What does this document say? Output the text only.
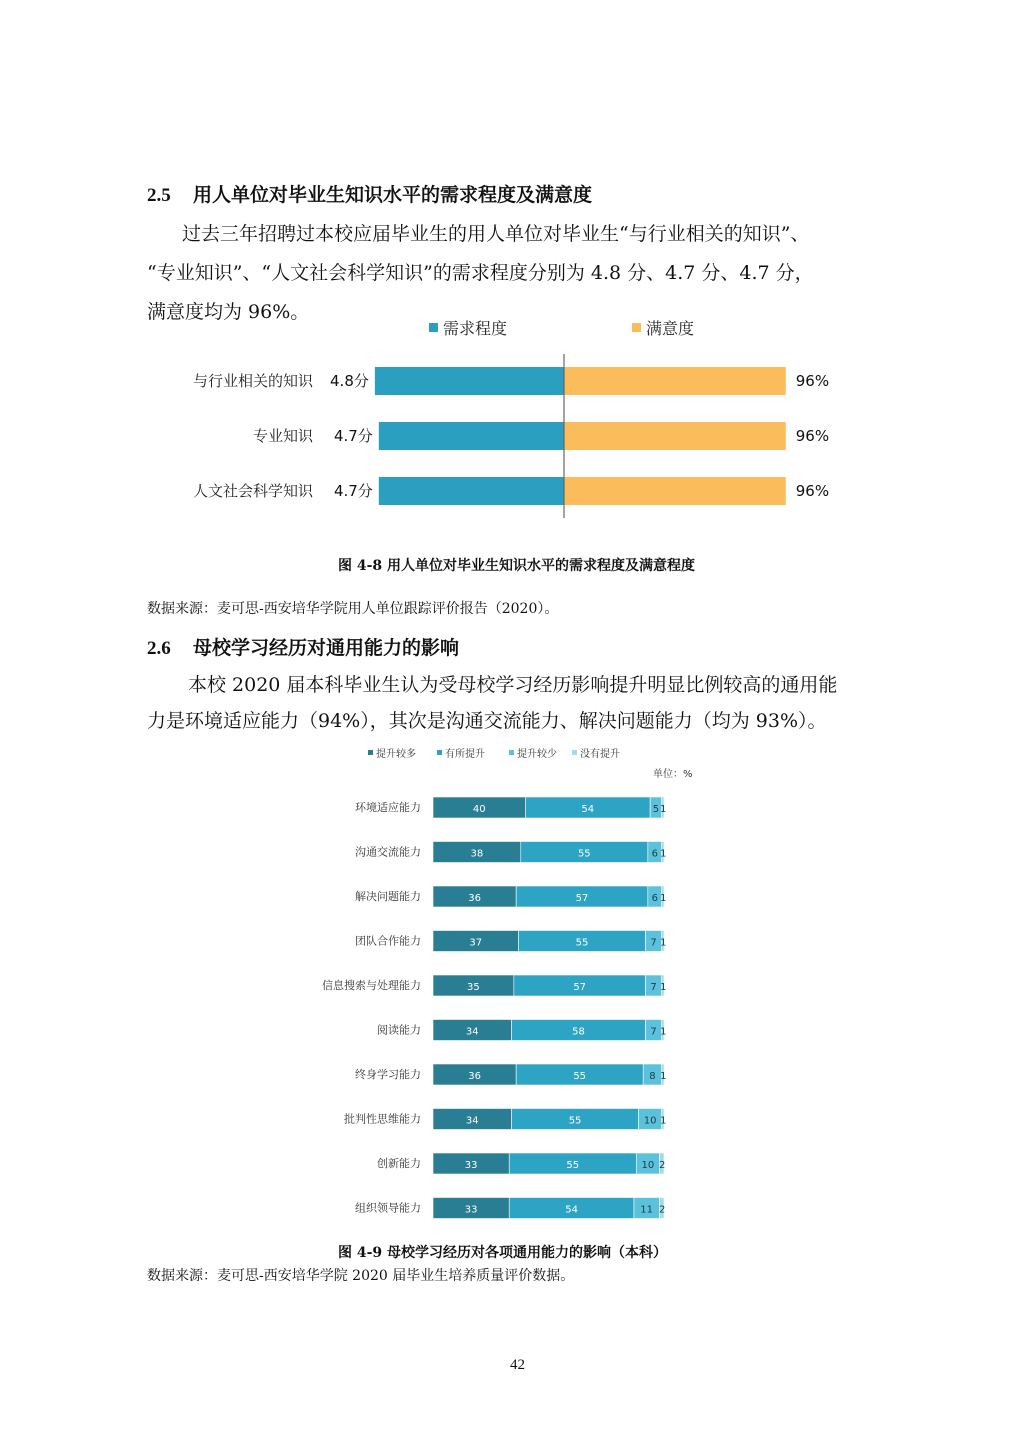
2.5 用人单位对毕业生知识水平的需求程度及满意度
过去三年招聘过本校应届毕业生的用人单位对毕业生“与行业相关的知识”、
“专业知识”、“人文社会科学知识”的需求程度分别为 4.8 分、4.7 分、4.7 分，
满意度均为 96%。
需求程度	满意度
与行业相关的知识 4.8分	96%
专业知识 4.7分	96%
人文社会科学知识 4.7分	96%
图 4-8 用人单位对毕业生知识水平的需求程度及满意程度
数据来源：麦可思-西安培华学院用人单位跟踪评价报告（2020）。
2.6 母校学习经历对通用能力的影响
本校 2020 届本科毕业生认为受母校学习经历影响提升明显比例较高的通用能
力是环境适应能力（94%），其次是沟通交流能力、解决问题能力（均为 93%）。
提升较多	有所提升	提升较少 没有提升
单位：%
环境适应能力	40	54	5 1
沟通交流能力	38	55	6 1
解决问题能力	36	57	6 1
团队合作能力	37	55	7 1
信息搜索与处理能力	35	57	7 1
阅读能力	34	58	7 1
终身学习能力	36	55	8 1
批判性思维能力	34	55	10 1
创新能力	33	55	10 2
组织领导能力	33	54	11 2
图 4-9 母校学习经历对各项通用能力的影响（本科）
数据来源：麦可思-西安培华学院 2020 届毕业生培养质量评价数据。
42
